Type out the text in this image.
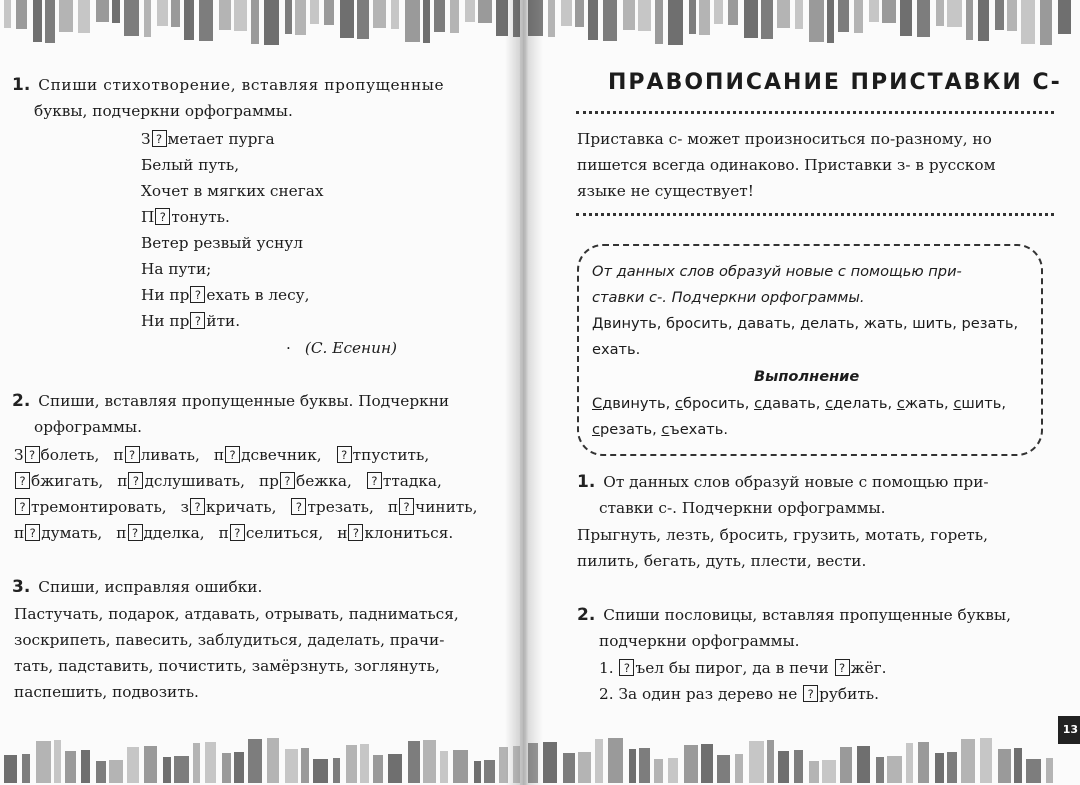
13
1. Спиши стихотворение, вставляя пропущенные
буквы, подчеркни орфограммы.
З ? метает пурга
Белый путь,
Хочет в мягких снегах
П ? тонуть.
Ветер резвый уснул
На пути;
Ни пр ? ехать в лесу,
Ни пр ? йти.
· (С. Есенин)
2. Спиши, вставляя пропущенные буквы. Подчеркни
орфограммы.
З ? болеть, п ? ливать, п ? дсвечник, ? тпустить,
? бжигать, п ? дслушивать, пр ? бежка, ? ттадка,
? тремонтировать, з ? кричать, ? трезать, п ? чинить,
п ? думать, п ? дделка, п ? селиться, н ? клониться.
3. Спиши, исправляя ошибки.
Пастучать, подарок, атдавать, отрывать, падниматься,
зоскрипеть, павесить, заблудиться, даделать, прачи-
тать, падставить, почистить, замёрзнуть, зоглянуть,
паспешить, подвозить.
ПРАВОПИСАНИЕ ПРИСТАВКИ С-
Приставка с- может произноситься по-разному, но
пишется всегда одинаково. Приставки з- в русском
языке не существует!
От данных слов образуй новые с помощью при-
ставки с-. Подчеркни орфограммы.
Двинуть, бросить, давать, делать, жать, шить, резать,
ехать.
Выполнение
Сдвинуть, сбросить, сдавать, сделать, сжать, сшить,
срезать, съехать.
1. От данных слов образуй новые с помощью при-
ставки с-. Подчеркни орфограммы.
Прыгнуть, лезть, бросить, грузить, мотать, гореть,
пилить, бегать, дуть, плести, вести.
2. Спиши пословицы, вставляя пропущенные буквы,
подчеркни орфограммы.
1. ? ъел бы пирог, да в печи ? жёг.
2. За один раз дерево не ? рубить.
